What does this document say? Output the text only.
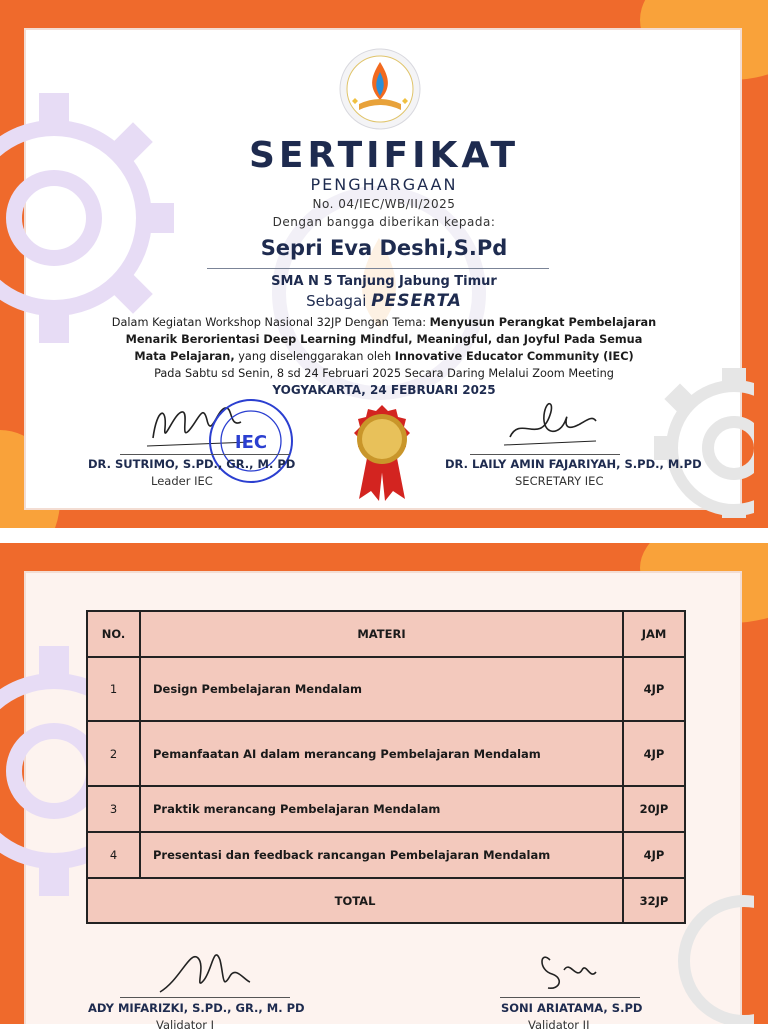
SERTIFIKAT
PENGHARGAAN
No. 04/IEC/WB/II/2025
Dengan bangga diberikan kepada:
Sepri Eva Deshi,S.Pd
SMA N 5 Tanjung Jabung Timur
Sebagai PESERTA
Dalam Kegiatan Workshop Nasional 32JP Dengan Tema: Menyusun Perangkat Pembelajaran Menarik Berorientasi Deep Learning Mindful, Meaningful, dan Joyful Pada Semua Mata Pelajaran, yang diselenggarakan oleh Innovative Educator Community (IEC)
Pada Sabtu sd Senin, 8 sd 24 Februari 2025 Secara Daring Melalui Zoom Meeting
YOGYAKARTA, 24 FEBRUARI 2025
IEC
DR. SUTRIMO, S.PD., GR., M. PD
Leader IEC
DR. LAILY AMIN FAJARIYAH, S.PD., M.PD
SECRETARY IEC
NO.	MATERI	JAM
1	Design Pembelajaran Mendalam	4JP
2	Pemanfaatan AI dalam merancang Pembelajaran Mendalam	4JP
3	Praktik merancang Pembelajaran Mendalam	20JP
4	Presentasi dan feedback rancangan Pembelajaran Mendalam	4JP
TOTAL		32JP
ADY MIFARIZKI, S.PD., GR., M. PD
Validator I
SONI ARIATAMA, S.PD
Validator II
